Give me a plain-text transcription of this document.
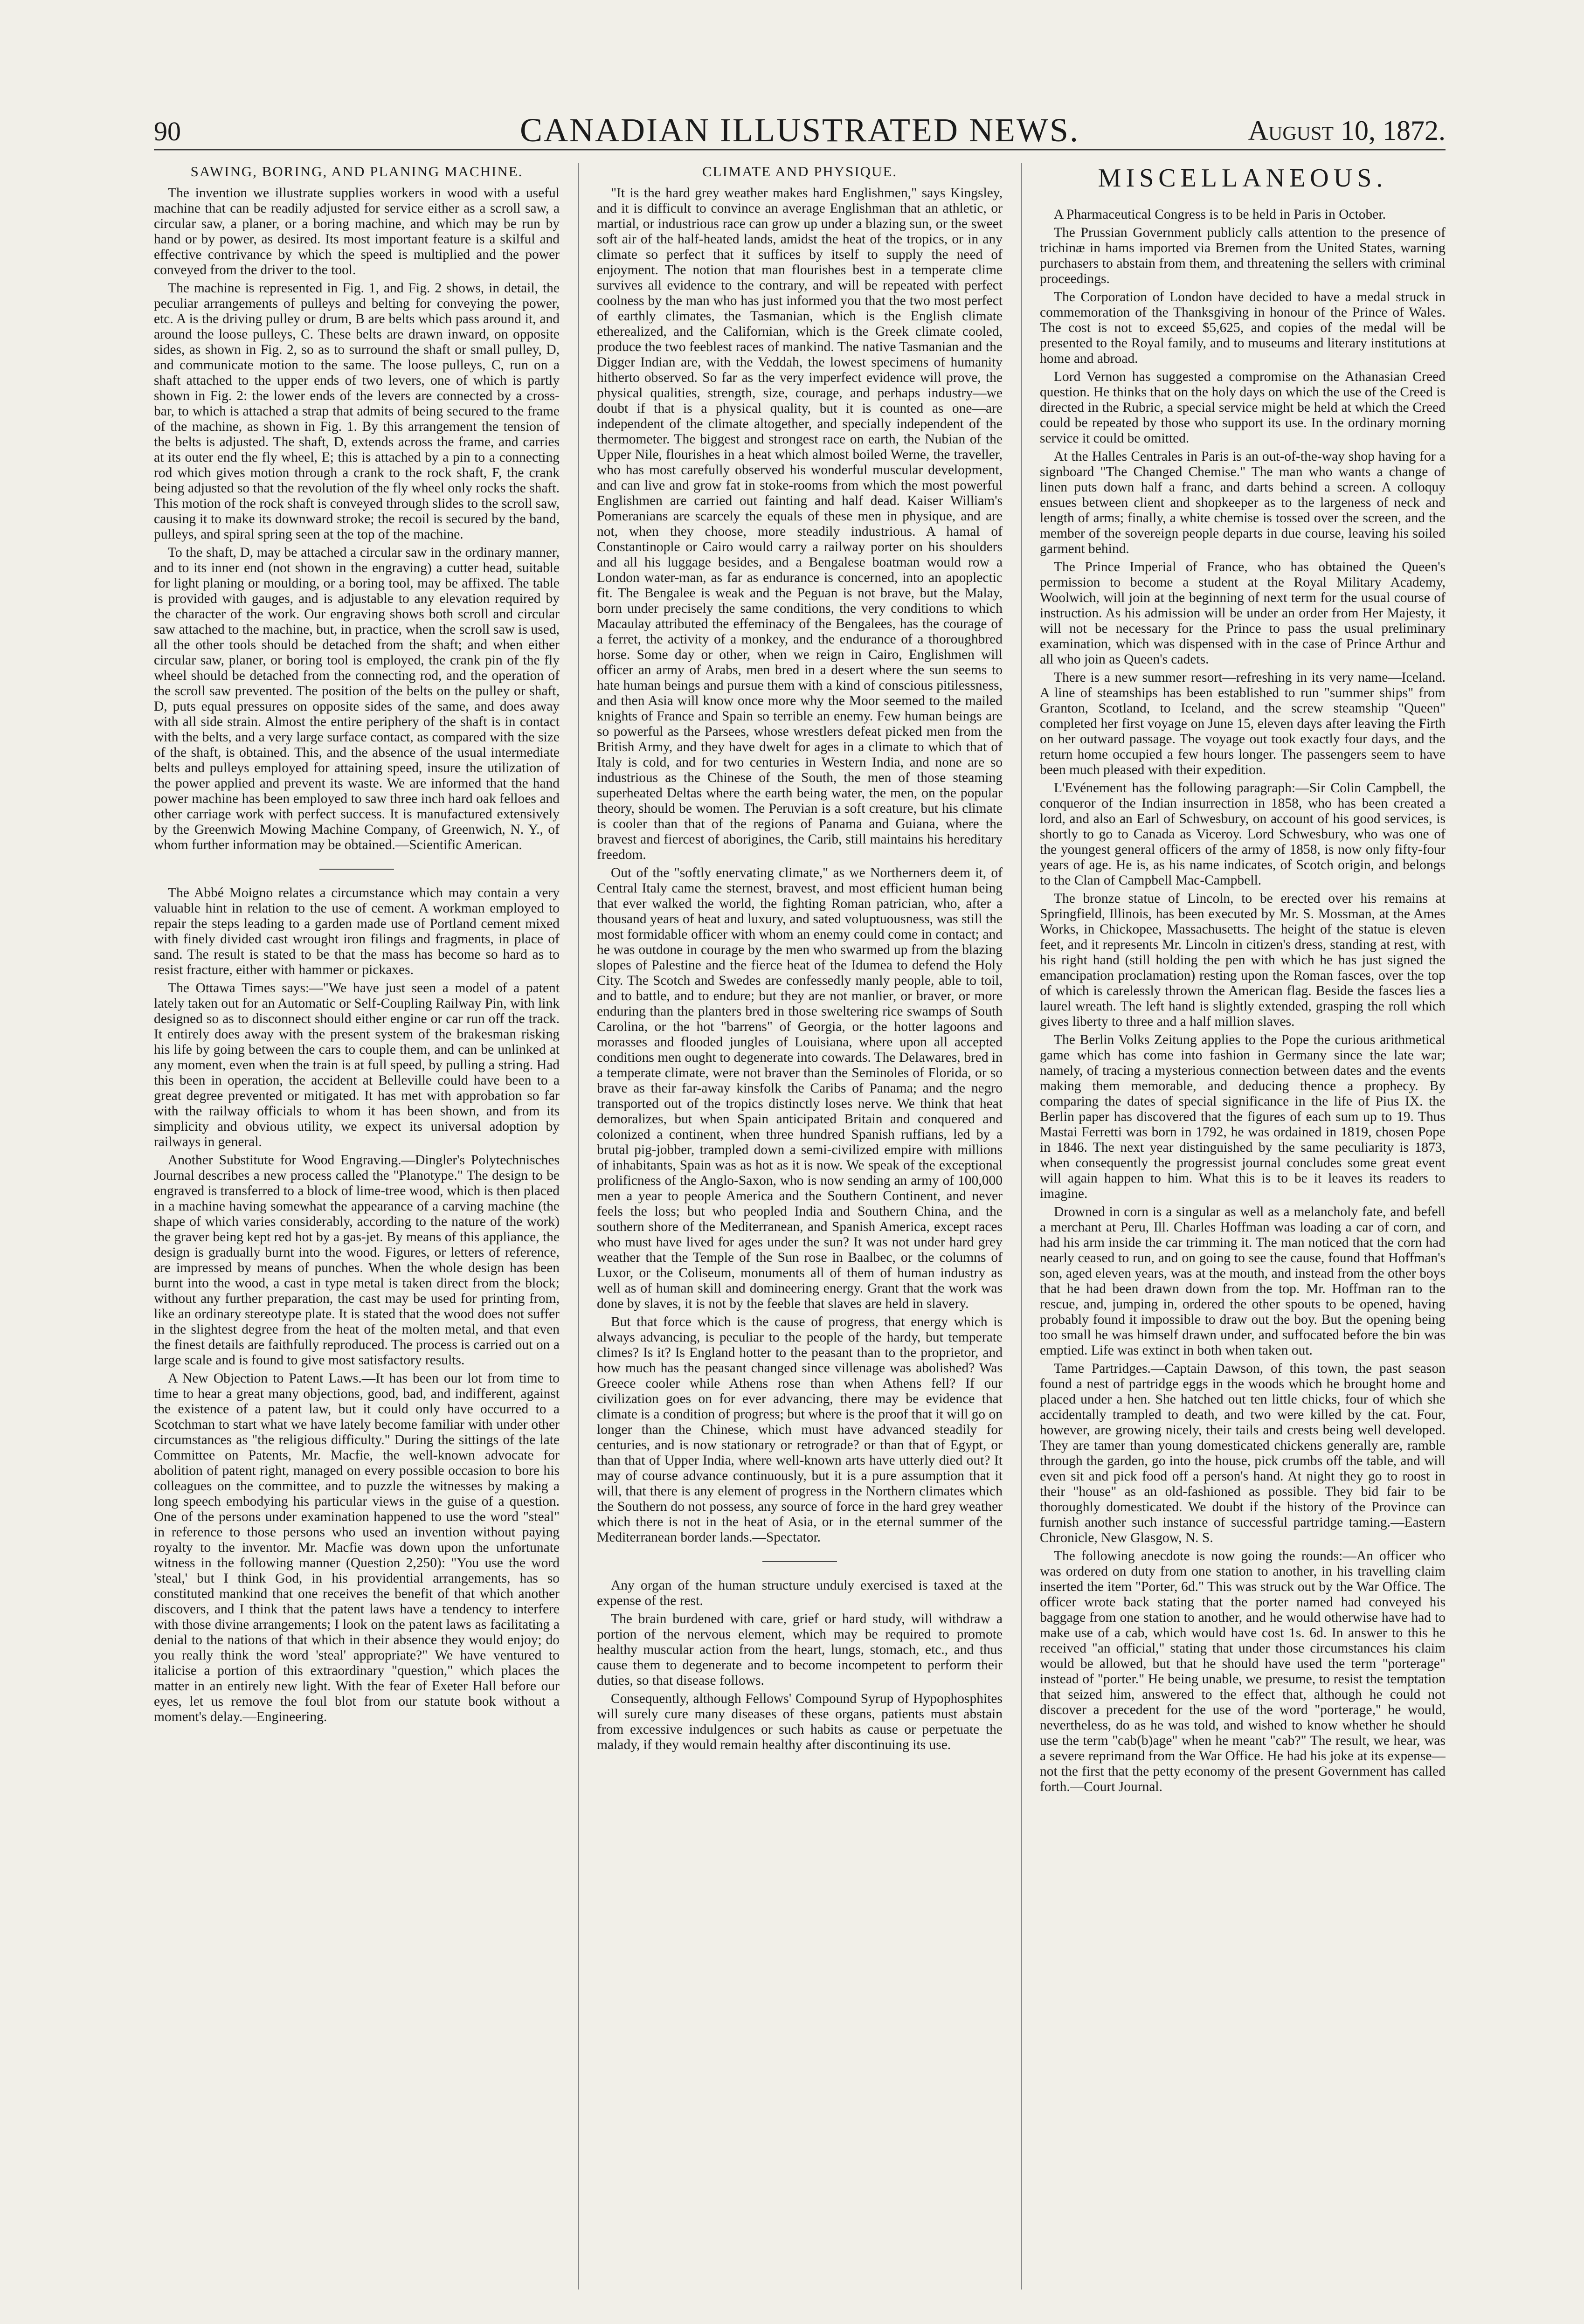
90	CANADIAN ILLUSTRATED NEWS.	August 10, 1872.
SAWING, BORING, AND PLANING MACHINE.

The invention we illustrate supplies workers in wood with a useful machine that can be readily adjusted for service either as a scroll saw, a circular saw, a planer, or a boring machine, and which may be run by hand or by power, as desired. Its most important feature is a skilful and effective contrivance by which the speed is multiplied and the power conveyed from the driver to the tool.

The machine is represented in Fig. 1, and Fig. 2 shows, in detail, the peculiar arrangements of pulleys and belting for conveying the power, etc. A is the driving pulley or drum, B are belts which pass around it, and around the loose pulleys, C. These belts are drawn inward, on opposite sides, as shown in Fig. 2, so as to surround the shaft or small pulley, D, and communicate motion to the same. The loose pulleys, C, run on a shaft attached to the upper ends of two levers, one of which is partly shown in Fig. 2: the lower ends of the levers are connected by a cross-bar, to which is attached a strap that admits of being secured to the frame of the machine, as shown in Fig. 1. By this arrangement the tension of the belts is adjusted. The shaft, D, extends across the frame, and carries at its outer end the fly wheel, E; this is attached by a pin to a connecting rod which gives motion through a crank to the rock shaft, F, the crank being adjusted so that the revolution of the fly wheel only rocks the shaft. This motion of the rock shaft is conveyed through slides to the scroll saw, causing it to make its downward stroke; the recoil is secured by the band, pulleys, and spiral spring seen at the top of the machine.

To the shaft, D, may be attached a circular saw in the ordinary manner, and to its inner end (not shown in the engraving) a cutter head, suitable for light planing or moulding, or a boring tool, may be affixed. The table is provided with gauges, and is adjustable to any elevation required by the character of the work. Our engraving shows both scroll and circular saw attached to the machine, but, in practice, when the scroll saw is used, all the other tools should be detached from the shaft; and when either circular saw, planer, or boring tool is employed, the crank pin of the fly wheel should be detached from the connecting rod, and the operation of the scroll saw prevented. The position of the belts on the pulley or shaft, D, puts equal pressures on opposite sides of the same, and does away with all side strain. Almost the entire periphery of the shaft is in contact with the belts, and a very large surface contact, as compared with the size of the shaft, is obtained. This, and the absence of the usual intermediate belts and pulleys employed for attaining speed, insure the utilization of the power applied and prevent its waste. We are informed that the hand power machine has been employed to saw three inch hard oak felloes and other carriage work with perfect success. It is manufactured extensively by the Greenwich Mowing Machine Company, of Greenwich, N. Y., of whom further information may be obtained.—Scientific American.

The Abbé Moigno relates a circumstance which may contain a very valuable hint in relation to the use of cement. A workman employed to repair the steps leading to a garden made use of Portland cement mixed with finely divided cast wrought iron filings and fragments, in place of sand. The result is stated to be that the mass has become so hard as to resist fracture, either with hammer or pickaxes.

The Ottawa Times says:—"We have just seen a model of a patent lately taken out for an Automatic or Self-Coupling Railway Pin, with link designed so as to disconnect should either engine or car run off the track. It entirely does away with the present system of the brakesman risking his life by going between the cars to couple them, and can be unlinked at any moment, even when the train is at full speed, by pulling a string. Had this been in operation, the accident at Belleville could have been to a great degree prevented or mitigated. It has met with approbation so far with the railway officials to whom it has been shown, and from its simplicity and obvious utility, we expect its universal adoption by railways in general.

Another Substitute for Wood Engraving.—Dingler's Polytechnisches Journal describes a new process called the "Planotype." The design to be engraved is transferred to a block of lime-tree wood, which is then placed in a machine having somewhat the appearance of a carving machine (the shape of which varies considerably, according to the nature of the work) the graver being kept red hot by a gas-jet. By means of this appliance, the design is gradually burnt into the wood. Figures, or letters of reference, are impressed by means of punches. When the whole design has been burnt into the wood, a cast in type metal is taken direct from the block; without any further preparation, the cast may be used for printing from, like an ordinary stereotype plate. It is stated that the wood does not suffer in the slightest degree from the heat of the molten metal, and that even the finest details are faithfully reproduced. The process is carried out on a large scale and is found to give most satisfactory results.

A New Objection to Patent Laws.—It has been our lot from time to time to hear a great many objections, good, bad, and indifferent, against the existence of a patent law, but it could only have occurred to a Scotchman to start what we have lately become familiar with under other circumstances as "the religious difficulty." During the sittings of the late Committee on Patents, Mr. Macfie, the well-known advocate for abolition of patent right, managed on every possible occasion to bore his colleagues on the committee, and to puzzle the witnesses by making a long speech embodying his particular views in the guise of a question. One of the persons under examination happened to use the word "steal" in reference to those persons who used an invention without paying royalty to the inventor. Mr. Macfie was down upon the unfortunate witness in the following manner (Question 2,250): "You use the word 'steal,' but I think God, in his providential arrangements, has so constituted mankind that one receives the benefit of that which another discovers, and I think that the patent laws have a tendency to interfere with those divine arrangements; I look on the patent laws as facilitating a denial to the nations of that which in their absence they would enjoy; do you really think the word 'steal' appropriate?" We have ventured to italicise a portion of this extraordinary "question," which places the matter in an entirely new light. With the fear of Exeter Hall before our eyes, let us remove the foul blot from our statute book without a moment's delay.—Engineering.

CLIMATE AND PHYSIQUE.

"It is the hard grey weather makes hard Englishmen," says Kingsley, and it is difficult to convince an average Englishman that an athletic, or martial, or industrious race can grow up under a blazing sun, or the sweet soft air of the half-heated lands, amidst the heat of the tropics, or in any climate so perfect that it suffices by itself to supply the need of enjoyment. The notion that man flourishes best in a temperate clime survives all evidence to the contrary, and will be repeated with perfect coolness by the man who has just informed you that the two most perfect of earthly climates, the Tasmanian, which is the English climate etherealized, and the Californian, which is the Greek climate cooled, produce the two feeblest races of mankind. The native Tasmanian and the Digger Indian are, with the Veddah, the lowest specimens of humanity hitherto observed. So far as the very imperfect evidence will prove, the physical qualities, strength, size, courage, and perhaps industry—we doubt if that is a physical quality, but it is counted as one—are independent of the climate altogether, and specially independent of the thermometer. The biggest and strongest race on earth, the Nubian of the Upper Nile, flourishes in a heat which almost boiled Werne, the traveller, who has most carefully observed his wonderful muscular development, and can live and grow fat in stoke-rooms from which the most powerful Englishmen are carried out fainting and half dead. Kaiser William's Pomeranians are scarcely the equals of these men in physique, and are not, when they choose, more steadily industrious. A hamal of Constantinople or Cairo would carry a railway porter on his shoulders and all his luggage besides, and a Bengalese boatman would row a London water-man, as far as endurance is concerned, into an apoplectic fit. The Bengalee is weak and the Peguan is not brave, but the Malay, born under precisely the same conditions, the very conditions to which Macaulay attributed the effeminacy of the Bengalees, has the courage of a ferret, the activity of a monkey, and the endurance of a thoroughbred horse. Some day or other, when we reign in Cairo, Englishmen will officer an army of Arabs, men bred in a desert where the sun seems to hate human beings and pursue them with a kind of conscious pitilessness, and then Asia will know once more why the Moor seemed to the mailed knights of France and Spain so terrible an enemy. Few human beings are so powerful as the Parsees, whose wrestlers defeat picked men from the British Army, and they have dwelt for ages in a climate to which that of Italy is cold, and for two centuries in Western India, and none are so industrious as the Chinese of the South, the men of those steaming superheated Deltas where the earth being water, the men, on the popular theory, should be women. The Peruvian is a soft creature, but his climate is cooler than that of the regions of Panama and Guiana, where the bravest and fiercest of aborigines, the Carib, still maintains his hereditary freedom.

Out of the "softly enervating climate," as we Northerners deem it, of Central Italy came the sternest, bravest, and most efficient human being that ever walked the world, the fighting Roman patrician, who, after a thousand years of heat and luxury, and sated voluptuousness, was still the most formidable officer with whom an enemy could come in contact; and he was outdone in courage by the men who swarmed up from the blazing slopes of Palestine and the fierce heat of the Idumea to defend the Holy City. The Scotch and Swedes are confessedly manly people, able to toil, and to battle, and to endure; but they are not manlier, or braver, or more enduring than the planters bred in those sweltering rice swamps of South Carolina, or the hot "barrens" of Georgia, or the hotter lagoons and morasses and flooded jungles of Louisiana, where upon all accepted conditions men ought to degenerate into cowards. The Delawares, bred in a temperate climate, were not braver than the Seminoles of Florida, or so brave as their far-away kinsfolk the Caribs of Panama; and the negro transported out of the tropics distinctly loses nerve. We think that heat demoralizes, but when Spain anticipated Britain and conquered and colonized a continent, when three hundred Spanish ruffians, led by a brutal pig-jobber, trampled down a semi-civilized empire with millions of inhabitants, Spain was as hot as it is now. We speak of the exceptional prolificness of the Anglo-Saxon, who is now sending an army of 100,000 men a year to people America and the Southern Continent, and never feels the loss; but who peopled India and Southern China, and the southern shore of the Mediterranean, and Spanish America, except races who must have lived for ages under the sun? It was not under hard grey weather that the Temple of the Sun rose in Baalbec, or the columns of Luxor, or the Coliseum, monuments all of them of human industry as well as of human skill and domineering energy. Grant that the work was done by slaves, it is not by the feeble that slaves are held in slavery.

But that force which is the cause of progress, that energy which is always advancing, is peculiar to the people of the hardy, but temperate climes? Is it? Is England hotter to the peasant than to the proprietor, and how much has the peasant changed since villenage was abolished? Was Greece cooler while Athens rose than when Athens fell? If our civilization goes on for ever advancing, there may be evidence that climate is a condition of progress; but where is the proof that it will go on longer than the Chinese, which must have advanced steadily for centuries, and is now stationary or retrograde? or than that of Egypt, or than that of Upper India, where well-known arts have utterly died out? It may of course advance continuously, but it is a pure assumption that it will, that there is any element of progress in the Northern climates which the Southern do not possess, any source of force in the hard grey weather which there is not in the heat of Asia, or in the eternal summer of the Mediterranean border lands.—Spectator.

Any organ of the human structure unduly exercised is taxed at the expense of the rest.

The brain burdened with care, grief or hard study, will withdraw a portion of the nervous element, which may be required to promote healthy muscular action from the heart, lungs, stomach, etc., and thus cause them to degenerate and to become incompetent to perform their duties, so that disease follows.

Consequently, although Fellows' Compound Syrup of Hypophosphites will surely cure many diseases of these organs, patients must abstain from excessive indulgences or such habits as cause or perpetuate the malady, if they would remain healthy after discontinuing its use.

MISCELLANEOUS.

A Pharmaceutical Congress is to be held in Paris in October.

The Prussian Government publicly calls attention to the presence of trichinæ in hams imported via Bremen from the United States, warning purchasers to abstain from them, and threatening the sellers with criminal proceedings.

The Corporation of London have decided to have a medal struck in commemoration of the Thanksgiving in honour of the Prince of Wales. The cost is not to exceed $5,625, and copies of the medal will be presented to the Royal family, and to museums and literary institutions at home and abroad.

Lord Vernon has suggested a compromise on the Athanasian Creed question. He thinks that on the holy days on which the use of the Creed is directed in the Rubric, a special service might be held at which the Creed could be repeated by those who support its use. In the ordinary morning service it could be omitted.

At the Halles Centrales in Paris is an out-of-the-way shop having for a signboard "The Changed Chemise." The man who wants a change of linen puts down half a franc, and darts behind a screen. A colloquy ensues between client and shopkeeper as to the largeness of neck and length of arms; finally, a white chemise is tossed over the screen, and the member of the sovereign people departs in due course, leaving his soiled garment behind.

The Prince Imperial of France, who has obtained the Queen's permission to become a student at the Royal Military Academy, Woolwich, will join at the beginning of next term for the usual course of instruction. As his admission will be under an order from Her Majesty, it will not be necessary for the Prince to pass the usual preliminary examination, which was dispensed with in the case of Prince Arthur and all who join as Queen's cadets.

There is a new summer resort—refreshing in its very name—Iceland. A line of steamships has been established to run "summer ships" from Granton, Scotland, to Iceland, and the screw steamship "Queen" completed her first voyage on June 15, eleven days after leaving the Firth on her outward passage. The voyage out took exactly four days, and the return home occupied a few hours longer. The passengers seem to have been much pleased with their expedition.

L'Evénement has the following paragraph:—Sir Colin Campbell, the conqueror of the Indian insurrection in 1858, who has been created a lord, and also an Earl of Schwesbury, on account of his good services, is shortly to go to Canada as Viceroy. Lord Schwesbury, who was one of the youngest general officers of the army of 1858, is now only fifty-four years of age. He is, as his name indicates, of Scotch origin, and belongs to the Clan of Campbell Mac-Campbell.

The bronze statue of Lincoln, to be erected over his remains at Springfield, Illinois, has been executed by Mr. S. Mossman, at the Ames Works, in Chickopee, Massachusetts. The height of the statue is eleven feet, and it represents Mr. Lincoln in citizen's dress, standing at rest, with his right hand (still holding the pen with which he has just signed the emancipation proclamation) resting upon the Roman fasces, over the top of which is carelessly thrown the American flag. Beside the fasces lies a laurel wreath. The left hand is slightly extended, grasping the roll which gives liberty to three and a half million slaves.

The Berlin Volks Zeitung applies to the Pope the curious arithmetical game which has come into fashion in Germany since the late war; namely, of tracing a mysterious connection between dates and the events making them memorable, and deducing thence a prophecy. By comparing the dates of special significance in the life of Pius IX. the Berlin paper has discovered that the figures of each sum up to 19. Thus Mastai Ferretti was born in 1792, he was ordained in 1819, chosen Pope in 1846. The next year distinguished by the same peculiarity is 1873, when consequently the progressist journal concludes some great event will again happen to him. What this is to be it leaves its readers to imagine.

Drowned in corn is a singular as well as a melancholy fate, and befell a merchant at Peru, Ill. Charles Hoffman was loading a car of corn, and had his arm inside the car trimming it. The man noticed that the corn had nearly ceased to run, and on going to see the cause, found that Hoffman's son, aged eleven years, was at the mouth, and instead from the other boys that he had been drawn down from the top. Mr. Hoffman ran to the rescue, and, jumping in, ordered the other spouts to be opened, having probably found it impossible to draw out the boy. But the opening being too small he was himself drawn under, and suffocated before the bin was emptied. Life was extinct in both when taken out.

Tame Partridges.—Captain Dawson, of this town, the past season found a nest of partridge eggs in the woods which he brought home and placed under a hen. She hatched out ten little chicks, four of which she accidentally trampled to death, and two were killed by the cat. Four, however, are growing nicely, their tails and crests being well developed. They are tamer than young domesticated chickens generally are, ramble through the garden, go into the house, pick crumbs off the table, and will even sit and pick food off a person's hand. At night they go to roost in their "house" as an old-fashioned as possible. They bid fair to be thoroughly domesticated. We doubt if the history of the Province can furnish another such instance of successful partridge taming.—Eastern Chronicle, New Glasgow, N. S.

The following anecdote is now going the rounds:—An officer who was ordered on duty from one station to another, in his travelling claim inserted the item "Porter, 6d." This was struck out by the War Office. The officer wrote back stating that the porter named had conveyed his baggage from one station to another, and he would otherwise have had to make use of a cab, which would have cost 1s. 6d. In answer to this he received "an official," stating that under those circumstances his claim would be allowed, but that he should have used the term "porterage" instead of "porter." He being unable, we presume, to resist the temptation that seized him, answered to the effect that, although he could not discover a precedent for the use of the word "porterage," he would, nevertheless, do as he was told, and wished to know whether he should use the term "cab(b)age" when he meant "cab?" The result, we hear, was a severe reprimand from the War Office. He had his joke at its expense—not the first that the petty economy of the present Government has called forth.—Court Journal.
